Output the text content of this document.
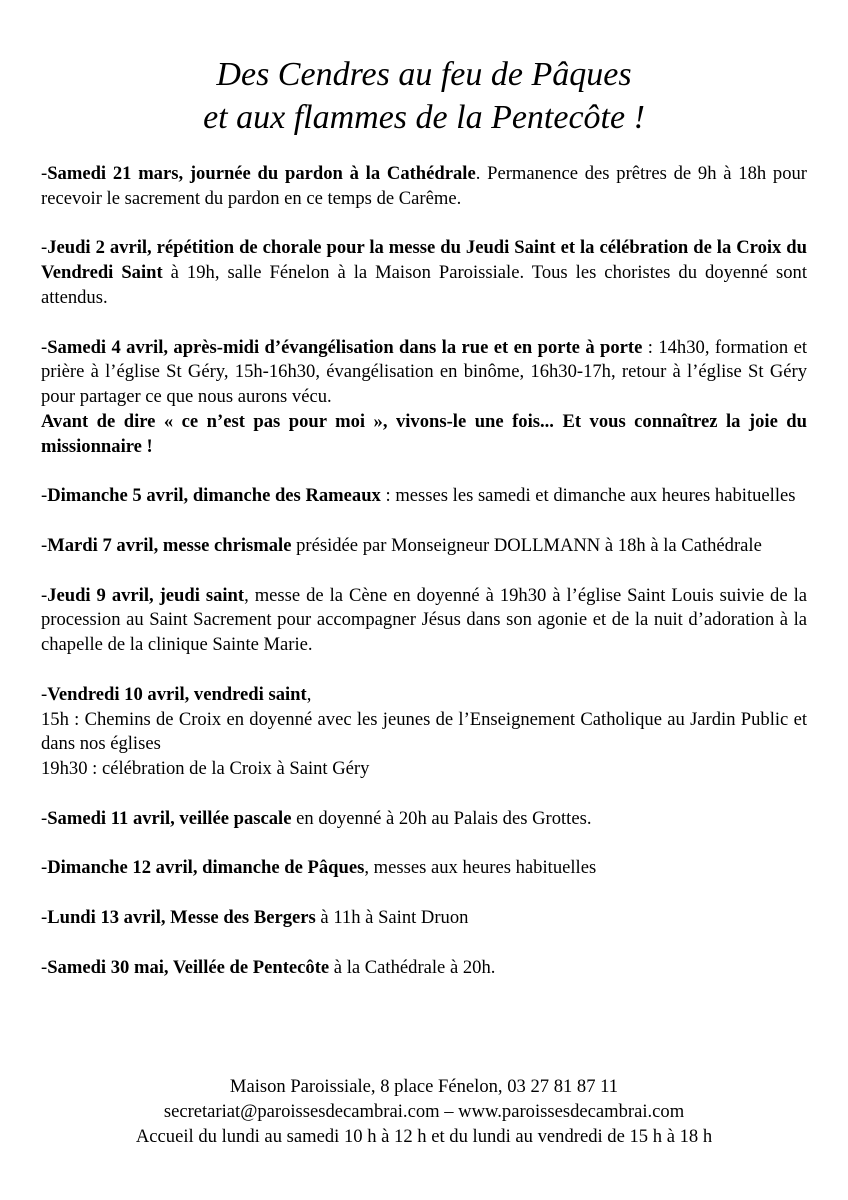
Des Cendres au feu de Pâques
et aux flammes de la Pentecôte !

-Samedi 21 mars, journée du pardon à la Cathédrale. Permanence des prêtres de 9h à 18h pour recevoir le sacrement du pardon en ce temps de Carême.

-Jeudi 2 avril, répétition de chorale pour la messe du Jeudi Saint et la célébration de la Croix du Vendredi Saint à 19h, salle Fénelon à la Maison Paroissiale. Tous les choristes du doyenné sont attendus.

-Samedi 4 avril, après-midi d’évangélisation dans la rue et en porte à porte : 14h30, formation et prière à l’église St Géry, 15h-16h30, évangélisation en binôme, 16h30-17h, retour à l’église St Géry pour partager ce que nous aurons vécu.
Avant de dire « ce n’est pas pour moi », vivons-le une fois... Et vous connaîtrez la joie du missionnaire !

-Dimanche 5 avril, dimanche des Rameaux : messes les samedi et dimanche aux heures habituelles

-Mardi 7 avril, messe chrismale présidée par Monseigneur DOLLMANN à 18h à la Cathédrale

-Jeudi 9 avril, jeudi saint, messe de la Cène en doyenné à 19h30 à l’église Saint Louis suivie de la procession au Saint Sacrement pour accompagner Jésus dans son agonie et de la nuit d’adoration à la chapelle de la clinique Sainte Marie.

-Vendredi 10 avril, vendredi saint,
15h : Chemins de Croix en doyenné avec les jeunes de l’Enseignement Catholique au Jardin Public et dans nos églises
19h30 : célébration de la Croix à Saint Géry

-Samedi 11 avril, veillée pascale en doyenné à 20h au Palais des Grottes.

-Dimanche 12 avril, dimanche de Pâques, messes aux heures habituelles

-Lundi 13 avril, Messe des Bergers à 11h à Saint Druon

-Samedi 30 mai, Veillée de Pentecôte à la Cathédrale à 20h.

Maison Paroissiale, 8 place Fénelon, 03 27 81 87 11
secretariat@paroissesdecambrai.com – www.paroissesdecambrai.com
Accueil du lundi au samedi 10 h à 12 h et du lundi au vendredi de 15 h à 18 h
